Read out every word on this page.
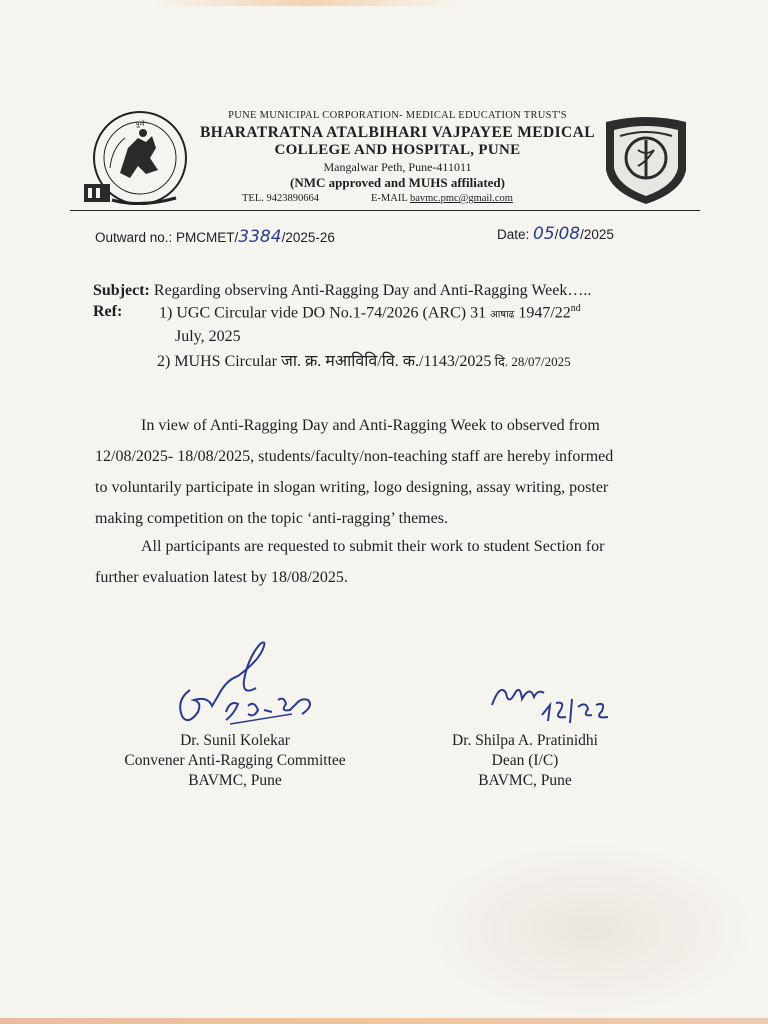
पुणे
PUNE MUNICIPAL CORPORATION- MEDICAL EDUCATION TRUST'S
BHARATRATNA ATALBIHARI VAJPAYEE MEDICAL
COLLEGE AND HOSPITAL, PUNE
Mangalwar Peth, Pune-411011
(NMC approved and MUHS affiliated)
TEL. 9423890664	E-MAIL bavmc.pmc@gmail.com
Outward no.: PMCMET/3384/2025-26	Date: 05/08/2025
Subject: Regarding observing Anti-Ragging Day and Anti-Ragging Week…..
Ref: 1) UGC Circular vide DO No.1-74/2026 (ARC) 31 आषाढ 1947/22nd
July, 2025
2) MUHS Circular जा. क्र. मआविवि/वि. क./1143/2025 दि. 28/07/2025
In view of Anti-Ragging Day and Anti-Ragging Week to observed from
12/08/2025- 18/08/2025, students/faculty/non-teaching staff are hereby informed
to voluntarily participate in slogan writing, logo designing, assay writing, poster
making competition on the topic ‘anti-ragging’ themes.
All participants are requested to submit their work to student Section for
further evaluation latest by 18/08/2025.
Dr. Sunil Kolekar
Convener Anti-Ragging Committee
BAVMC, Pune
Dr. Shilpa A. Pratinidhi
Dean (I/C)
BAVMC, Pune
